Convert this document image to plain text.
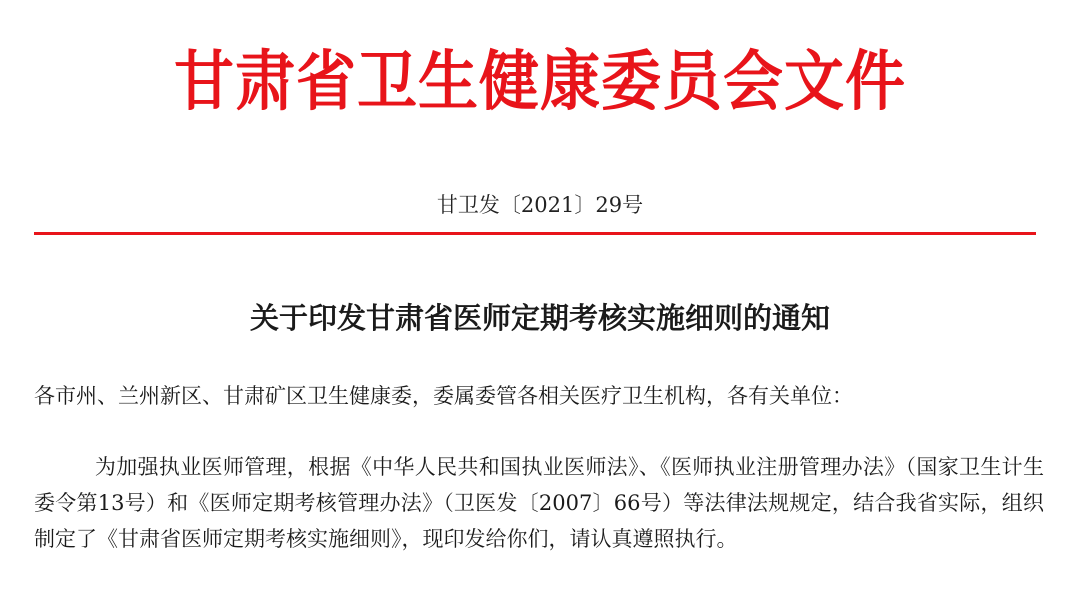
甘肃省卫生健康委员会文件
甘卫发〔2021〕29号
关于印发甘肃省医师定期考核实施细则的通知
各市州、兰州新区、甘肃矿区卫生健康委，委属委管各相关医疗卫生机构，各有关单位：

为加强执业医师管理，根据《中华人民共和国执业医师法》、《医师执业注册管理办法》（国家卫生计生委令第13号）和《医师定期考核管理办法》（卫医发〔2007〕66号）等法律法规规定，结合我省实际，组织制定了《甘肃省医师定期考核实施细则》，现印发给你们，请认真遵照执行。
